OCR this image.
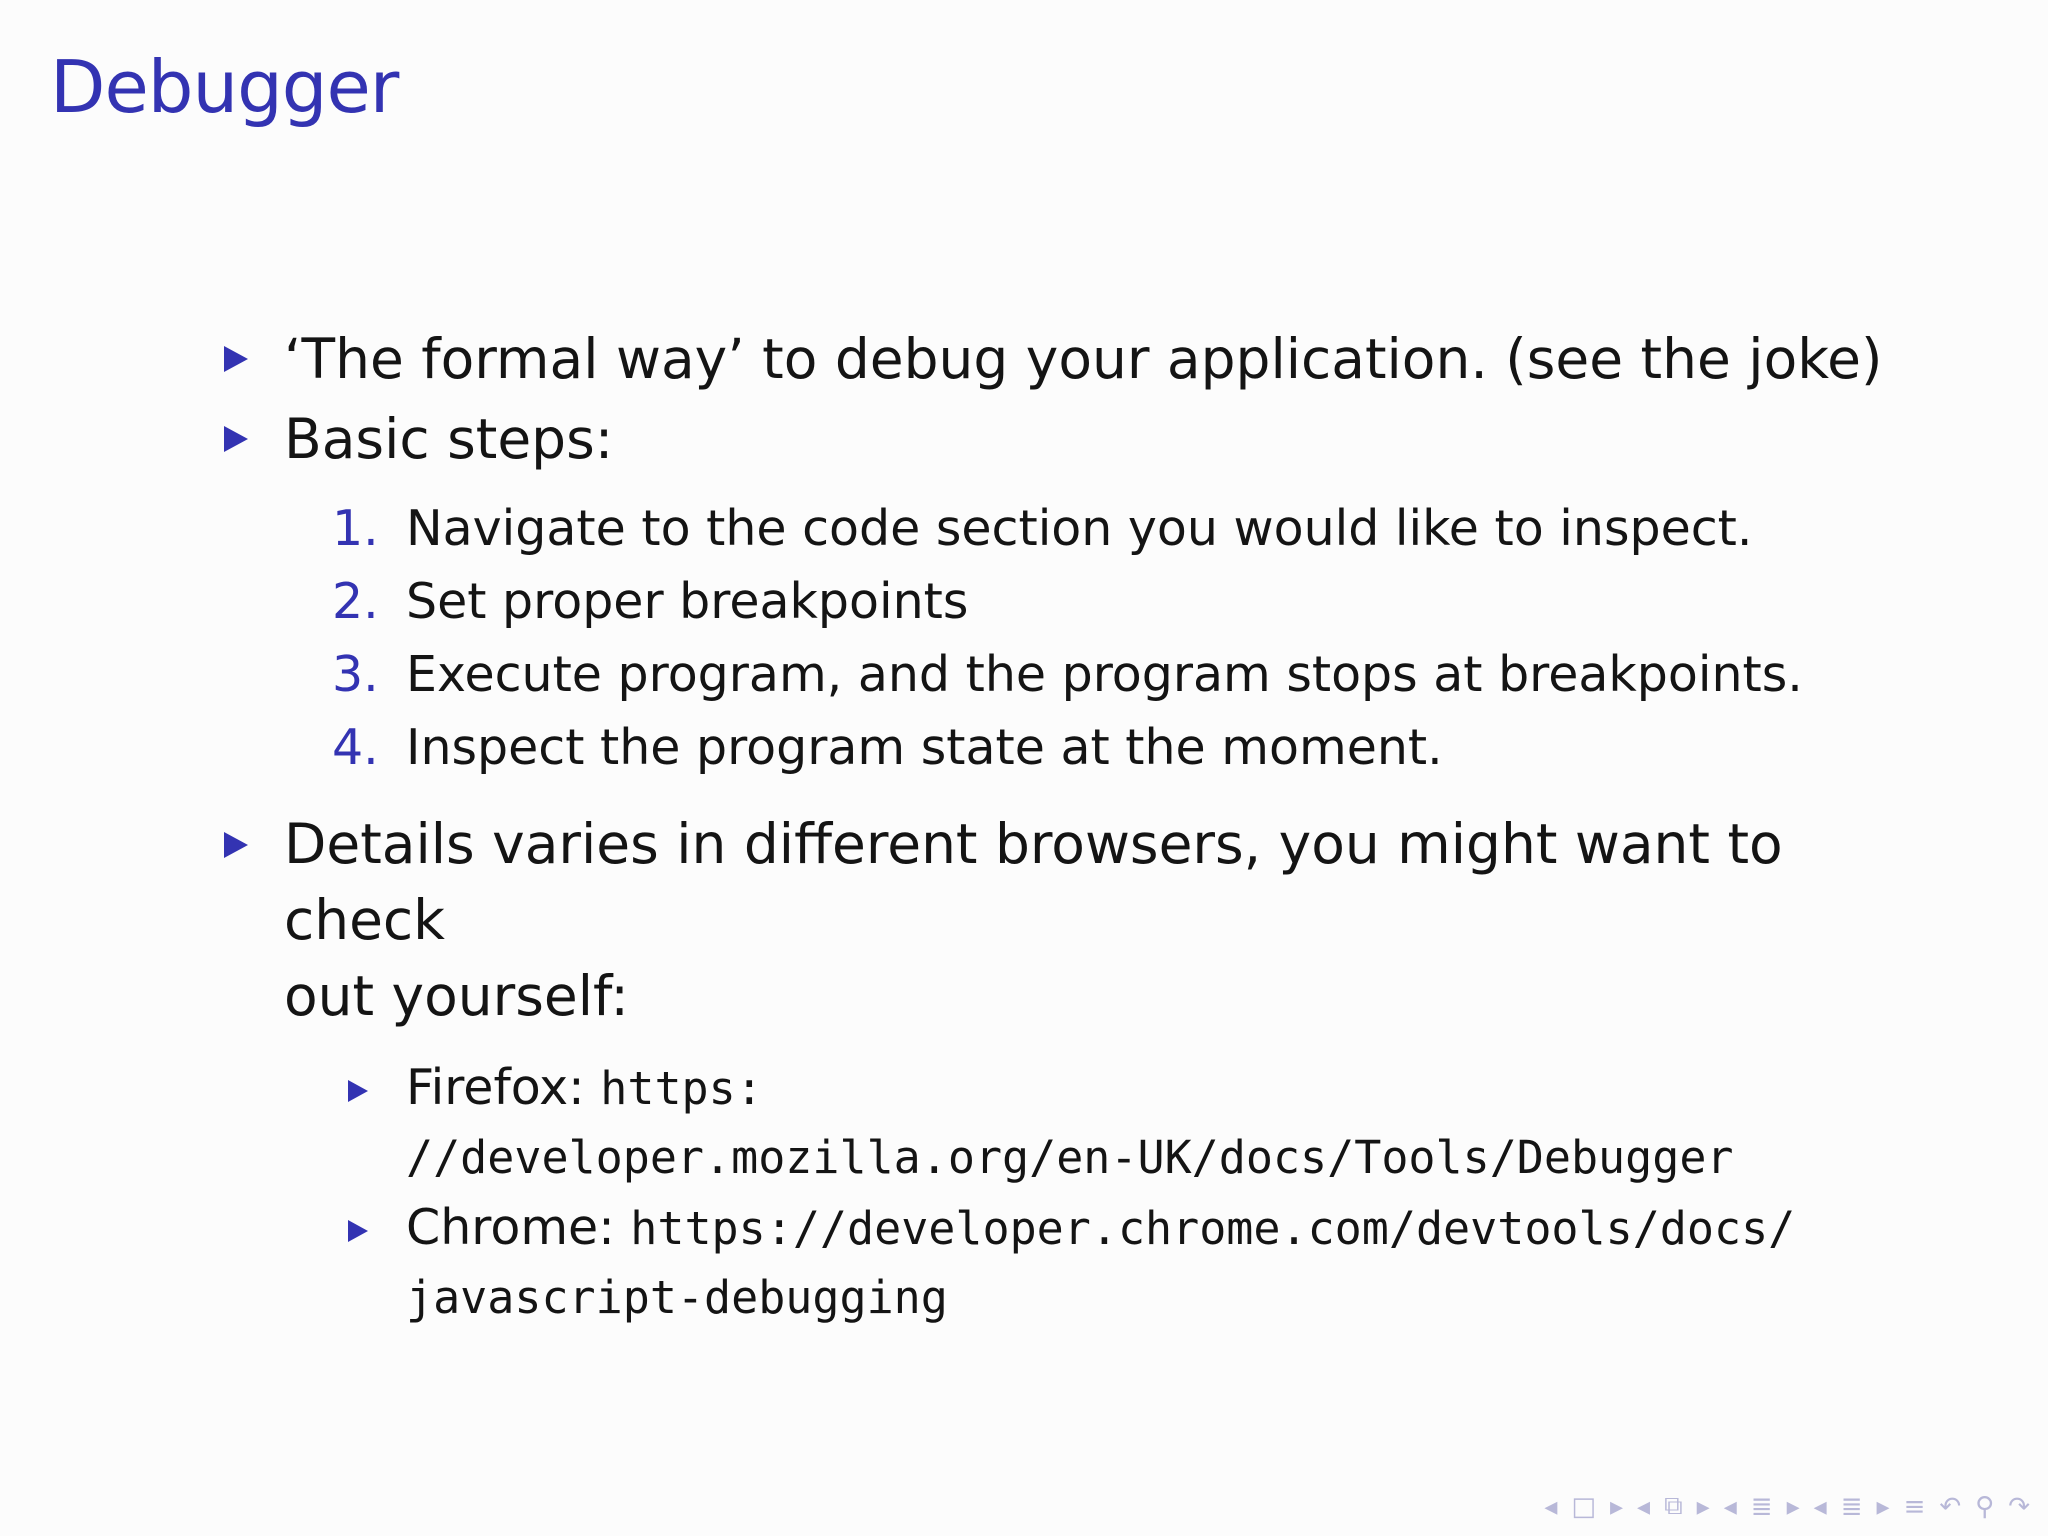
Debugger
‘The formal way’ to debug your application. (see the joke)
Basic steps:
1. Navigate to the code section you would like to inspect.
2. Set proper breakpoints
3. Execute program, and the program stops at breakpoints.
4. Inspect the program state at the moment.
Details varies in different browsers, you might want to check
out yourself:
Firefox: https:
//developer.mozilla.org/en-UK/docs/Tools/Debugger
Chrome: https://developer.chrome.com/devtools/docs/
javascript-debugging
◂ □ ▸ ◂ ⧉ ▸ ◂ ≣ ▸ ◂ ≣ ▸ ≡ ↶ ⚲ ↷
